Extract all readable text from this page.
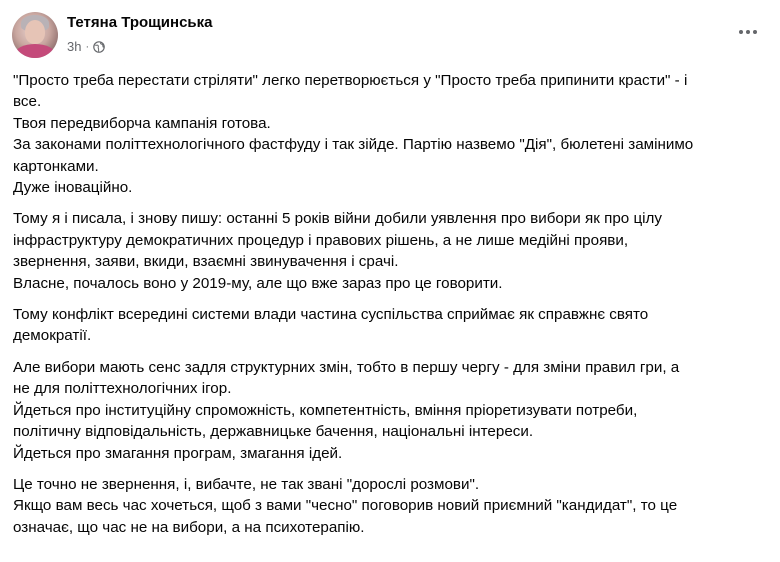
Тетяна Трощинська
3h ·
"Просто треба перестати стріляти" легко перетворюється у "Просто треба припинити красти" - і
все.
Твоя передвиборча кампанія готова.
За законами політтехнологічного фастфуду і так зійде. Партію назвемо "Дія", бюлетені замінимо
картонками.
Дуже іноваційно.
Тому я і писала, і знову пишу: останні 5 років війни добили уявлення про вибори як про цілу
інфраструктуру демократичних процедур і правових рішень, а не лише медійні прояви,
звернення, заяви, вкиди, взаємні звинувачення і срачі.
Власне, почалось воно у 2019-му, але що вже зараз про це говорити.
Тому конфлікт всередині системи влади частина суспільства сприймає як справжнє свято
демократії.
Але вибори мають сенс задля структурних змін, тобто в першу чергу - для зміни правил гри, а
не для політтехнологічних ігор.
Йдеться про інституційну спроможність, компетентність, вміння пріоретизувати потреби,
політичну відповідальність, державницьке бачення, національні інтереси.
Йдеться про змагання програм, змагання ідей.
Це точно не звернення, і, вибачте, не так звані "дорослі розмови".
Якщо вам весь час хочеться, щоб з вами "чесно" поговорив новий приємний "кандидат", то це
означає, що час не на вибори, а на психотерапію.
